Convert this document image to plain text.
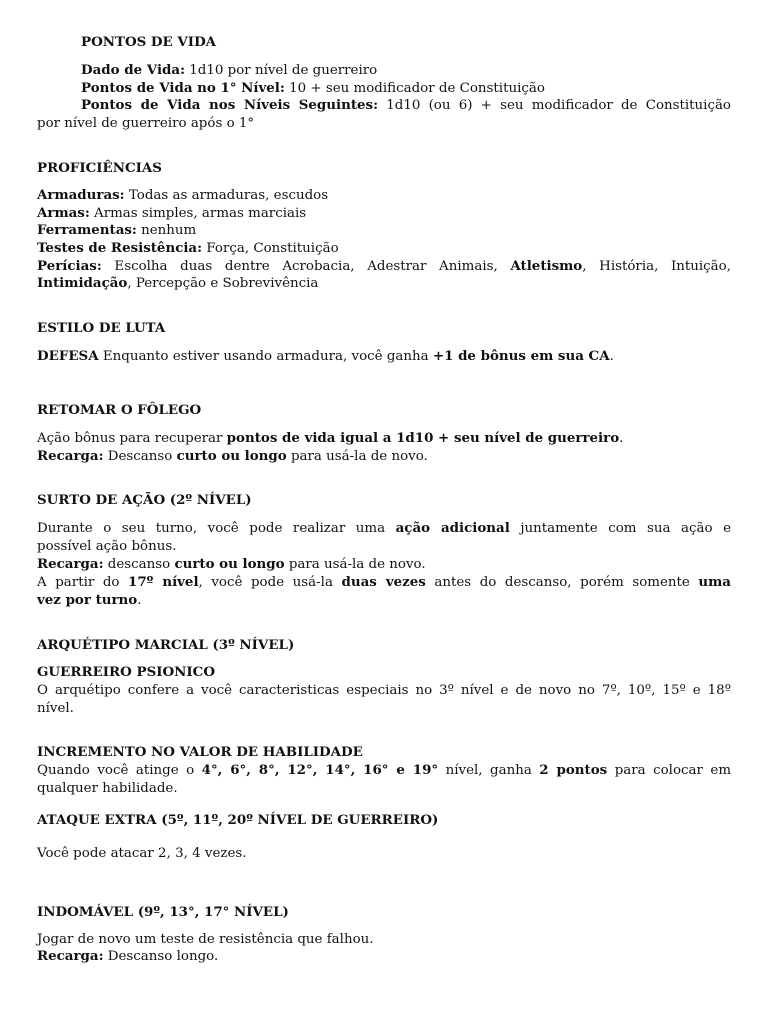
PONTOS DE VIDA
Dado de Vida: 1d10 por nível de guerreiro
Pontos de Vida no 1° Nível: 10 + seu modificador de Constituição
Pontos de Vida nos Níveis Seguintes: 1d10 (ou 6) + seu modificador de Constituição
por nível de guerreiro após o 1°
PROFICIÊNCIAS
Armaduras: Todas as armaduras, escudos
Armas: Armas simples, armas marciais
Ferramentas: nenhum
Testes de Resistência: Força, Constituição
Perícias: Escolha duas dentre Acrobacia, Adestrar Animais, Atletismo, História, Intuição,
Intimidação, Percepção e Sobrevivência
ESTILO DE LUTA
DEFESA Enquanto estiver usando armadura, você ganha +1 de bônus em sua CA.
RETOMAR O FÔLEGO
Ação bônus para recuperar pontos de vida igual a 1d10 + seu nível de guerreiro.
Recarga: Descanso curto ou longo para usá-la de novo.
SURTO DE AÇÃO (2º NÍVEL)
Durante o seu turno, você pode realizar uma ação adicional juntamente com sua ação e
possível ação bônus.
Recarga: descanso curto ou longo para usá-la de novo.
A partir do 17º nível, você pode usá-la duas vezes antes do descanso, porém somente uma
vez por turno.
ARQUÉTIPO MARCIAL (3º NÍVEL)
GUERREIRO PSIONICO
O arquétipo confere a você caracteristicas especiais no 3º nível e de novo no 7º, 10º, 15º e 18º
nível.
INCREMENTO NO VALOR DE HABILIDADE
Quando você atinge o 4°, 6°, 8°, 12°, 14°, 16° e 19° nível, ganha 2 pontos para colocar em
qualquer habilidade.
ATAQUE EXTRA (5º, 11º, 20º NÍVEL DE GUERREIRO)
Você pode atacar 2, 3, 4 vezes.
INDOMÁVEL (9º, 13°, 17° NÍVEL)
Jogar de novo um teste de resistência que falhou.
Recarga: Descanso longo.
